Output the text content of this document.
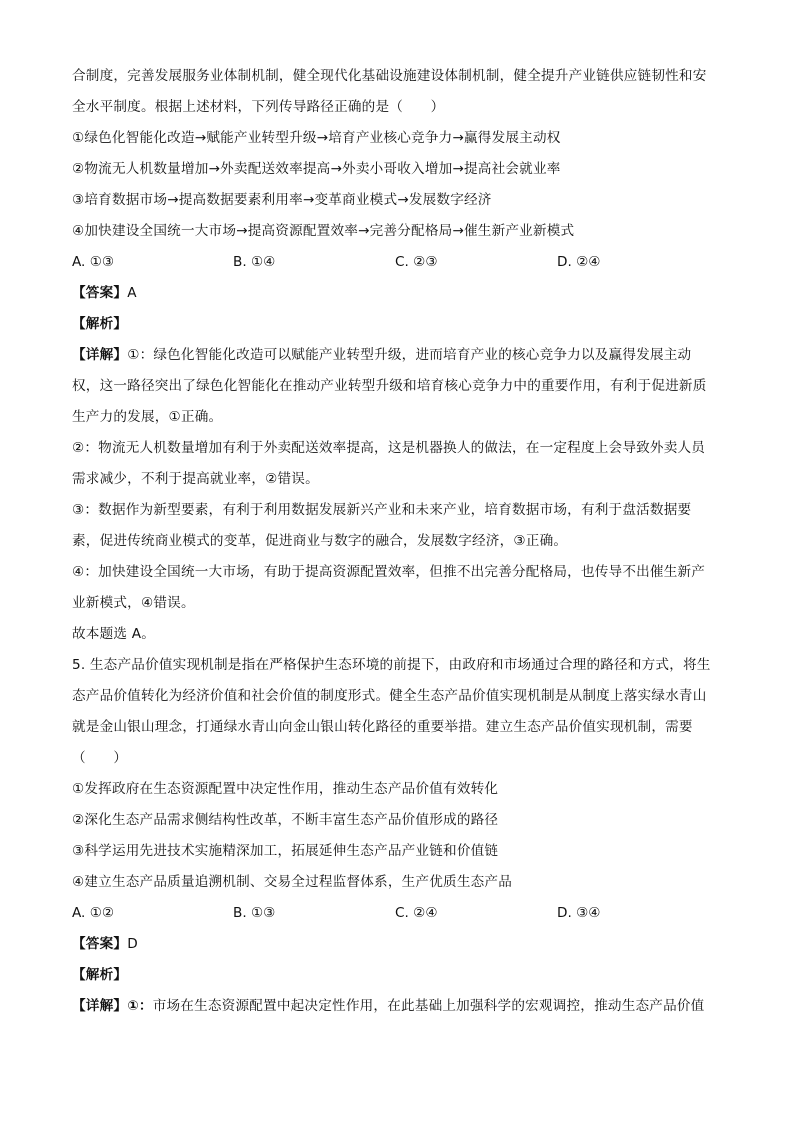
合制度，完善发展服务业体制机制，健全现代化基础设施建设体制机制，健全提升产业链供应链韧性和安
全水平制度。根据上述材料，下列传导路径正确的是（　　）
①绿色化智能化改造→赋能产业转型升级→培育产业核心竞争力→赢得发展主动权
②物流无人机数量增加→外卖配送效率提高→外卖小哥收入增加→提高社会就业率
③培育数据市场→提高数据要素利用率→变革商业模式→发展数字经济
④加快建设全国统一大市场→提高资源配置效率→完善分配格局→催生新产业新模式
A. ①③	B. ①④	C. ②③	D. ②④
【答案】A
【解析】
【详解】①：绿色化智能化改造可以赋能产业转型升级，进而培育产业的核心竞争力以及赢得发展主动
权，这一路径突出了绿色化智能化在推动产业转型升级和培育核心竞争力中的重要作用，有利于促进新质
生产力的发展，①正确。
②：物流无人机数量增加有利于外卖配送效率提高，这是机器换人的做法，在一定程度上会导致外卖人员
需求减少，不利于提高就业率，②错误。
③：数据作为新型要素，有利于利用数据发展新兴产业和未来产业，培育数据市场，有利于盘活数据要
素，促进传统商业模式的变革，促进商业与数字的融合，发展数字经济，③正确。
④：加快建设全国统一大市场，有助于提高资源配置效率，但推不出完善分配格局，也传导不出催生新产
业新模式，④错误。
故本题选 A。
5. 生态产品价值实现机制是指在严格保护生态环境的前提下，由政府和市场通过合理的路径和方式，将生
态产品价值转化为经济价值和社会价值的制度形式。健全生态产品价值实现机制是从制度上落实绿水青山
就是金山银山理念，打通绿水青山向金山银山转化路径的重要举措。建立生态产品价值实现机制，需要
（　　）
①发挥政府在生态资源配置中决定性作用，推动生态产品价值有效转化
②深化生态产品需求侧结构性改革，不断丰富生态产品价值形成的路径
③科学运用先进技术实施精深加工，拓展延伸生态产品产业链和价值链
④建立生态产品质量追溯机制、交易全过程监督体系，生产优质生态产品
A. ①②	B. ①③	C. ②④	D. ③④
【答案】D
【解析】
【详解】①：市场在生态资源配置中起决定性作用，在此基础上加强科学的宏观调控，推动生态产品价值
